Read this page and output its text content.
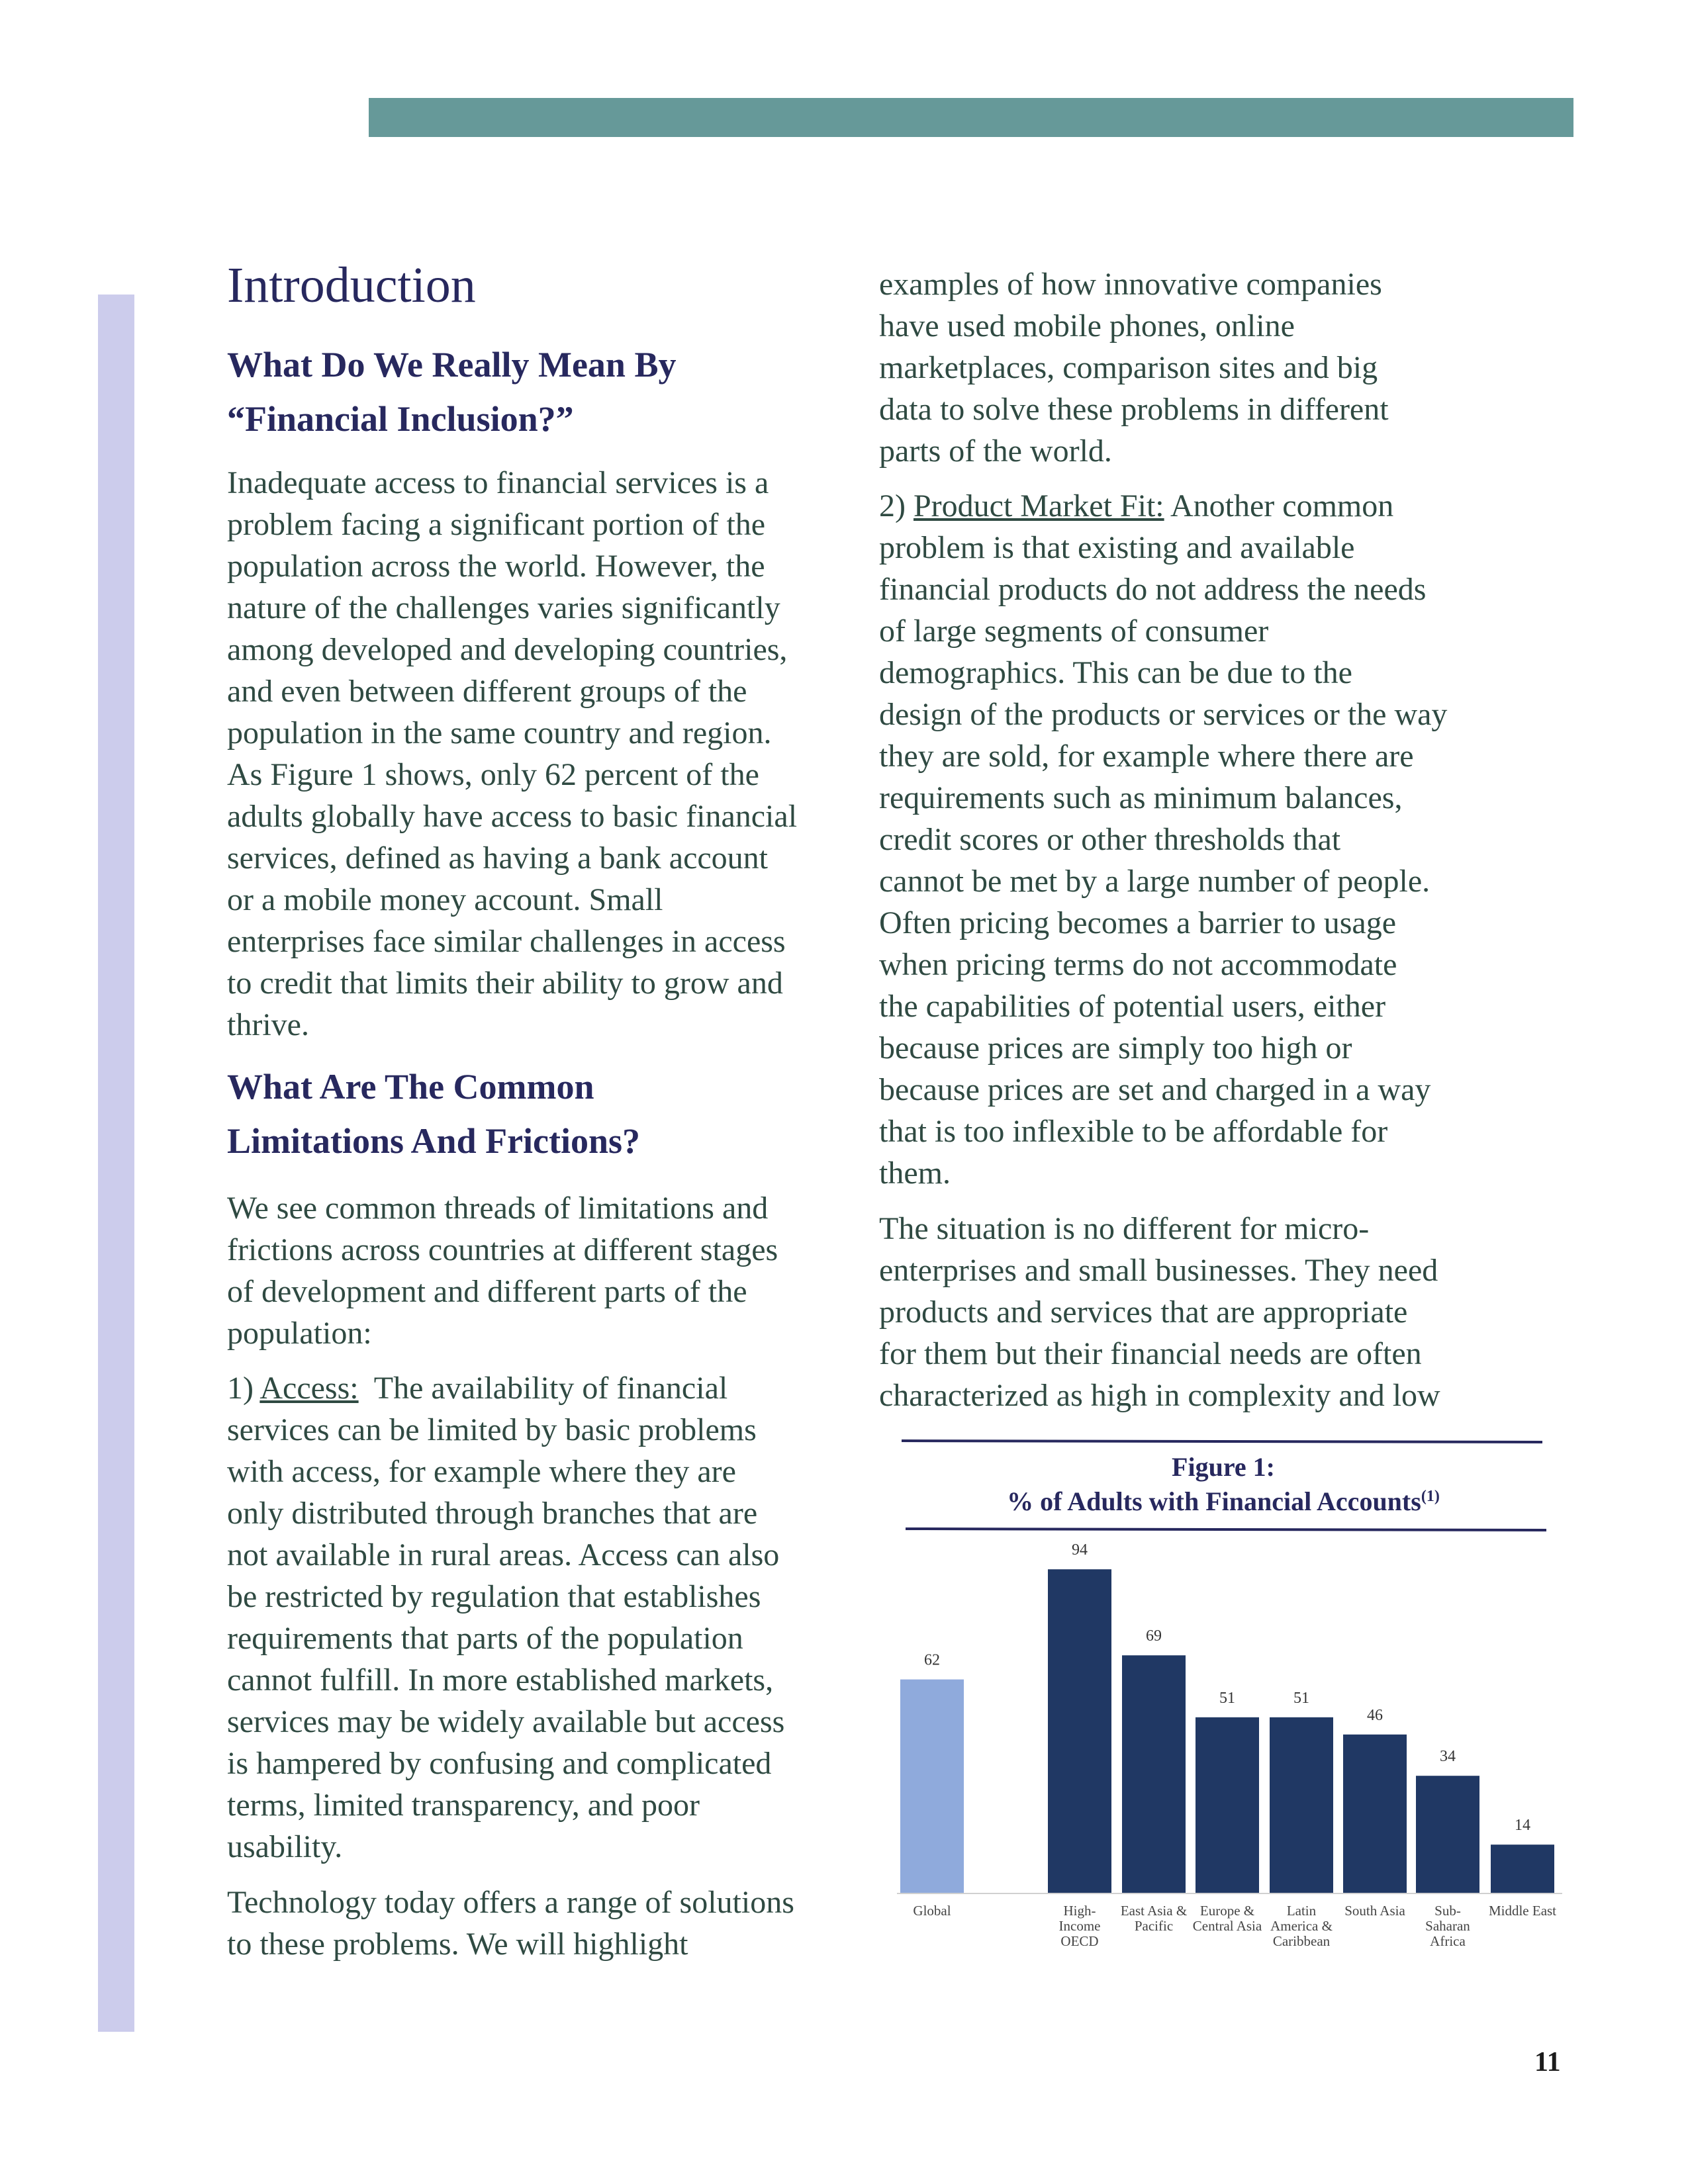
Introduction
What Do We Really Mean By
“Financial Inclusion?”
Inadequate access to financial services is a
problem facing a significant portion of the
population across the world. However, the
nature of the challenges varies significantly
among developed and developing countries,
and even between different groups of the
population in the same country and region.
As Figure 1 shows, only 62 percent of the
adults globally have access to basic financial
services, defined as having a bank account
or a mobile money account. Small
enterprises face similar challenges in access
to credit that limits their ability to grow and
thrive.
What Are The Common
Limitations And Frictions?
We see common threads of limitations and
frictions across countries at different stages
of development and different parts of the
population:
1) Access:  The availability of financial
services can be limited by basic problems
with access, for example where they are
only distributed through branches that are
not available in rural areas. Access can also
be restricted by regulation that establishes
requirements that parts of the population
cannot fulfill. In more established markets,
services may be widely available but access
is hampered by confusing and complicated
terms, limited transparency, and poor
usability.
Technology today offers a range of solutions
to these problems. We will highlight
examples of how innovative companies
have used mobile phones, online
marketplaces, comparison sites and big
data to solve these problems in different
parts of the world.
2) Product Market Fit: Another common
problem is that existing and available
financial products do not address the needs
of large segments of consumer
demographics. This can be due to the
design of the products or services or the way
they are sold, for example where there are
requirements such as minimum balances,
credit scores or other thresholds that
cannot be met by a large number of people.
Often pricing becomes a barrier to usage
when pricing terms do not accommodate
the capabilities of potential users, either
because prices are simply too high or
because prices are set and charged in a way
that is too inflexible to be affordable for
them.
The situation is no different for micro-
enterprises and small businesses. They need
products and services that are appropriate
for them but their financial needs are often
characterized as high in complexity and low
Figure 1:
% of Adults with Financial Accounts$^{(1)}$
62
Global
94
High-
Income
OECD
69
East Asia &
Pacific
51
Europe &
Central Asia
51
Latin
America &
Caribbean
46
South Asia
34
Sub-
Saharan
Africa
14
Middle East
11
